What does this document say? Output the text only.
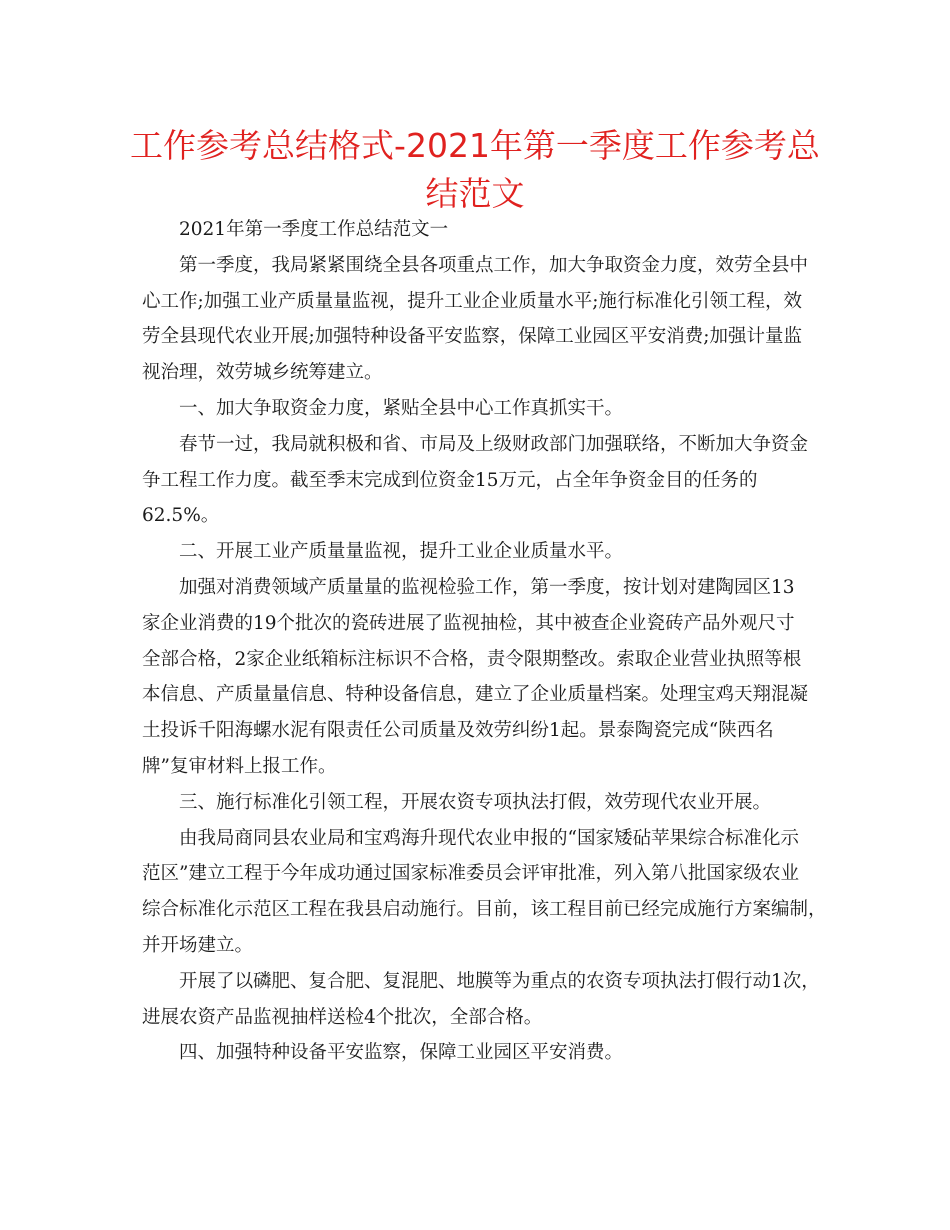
工作参考总结格式-2021年第一季度工作参考总
结范文
2021年第一季度工作总结范文一
第一季度，我局紧紧围绕全县各项重点工作，加大争取资金力度，效劳全县中
心工作;加强工业产质量量监视，提升工业企业质量水平;施行标准化引领工程，效
劳全县现代农业开展;加强特种设备平安监察，保障工业园区平安消费;加强计量监
视治理，效劳城乡统筹建立。
一、加大争取资金力度，紧贴全县中心工作真抓实干。
春节一过，我局就积极和省、市局及上级财政部门加强联络，不断加大争资金
争工程工作力度。截至季末完成到位资金15万元，占全年争资金目的任务的
62.5%。
二、开展工业产质量量监视，提升工业企业质量水平。
加强对消费领域产质量量的监视检验工作，第一季度，按计划对建陶园区13
家企业消费的19个批次的瓷砖进展了监视抽检，其中被查企业瓷砖产品外观尺寸
全部合格，2家企业纸箱标注标识不合格，责令限期整改。索取企业营业执照等根
本信息、产质量量信息、特种设备信息，建立了企业质量档案。处理宝鸡天翔混凝
土投诉千阳海螺水泥有限责任公司质量及效劳纠纷1起。景泰陶瓷完成“陕西名
牌”复审材料上报工作。
三、施行标准化引领工程，开展农资专项执法打假，效劳现代农业开展。
由我局商同县农业局和宝鸡海升现代农业申报的“国家矮砧苹果综合标准化示
范区”建立工程于今年成功通过国家标准委员会评审批准，列入第八批国家级农业
综合标准化示范区工程在我县启动施行。目前，该工程目前已经完成施行方案编制，
并开场建立。
开展了以磷肥、复合肥、复混肥、地膜等为重点的农资专项执法打假行动1次，
进展农资产品监视抽样送检4个批次，全部合格。
四、加强特种设备平安监察，保障工业园区平安消费。
